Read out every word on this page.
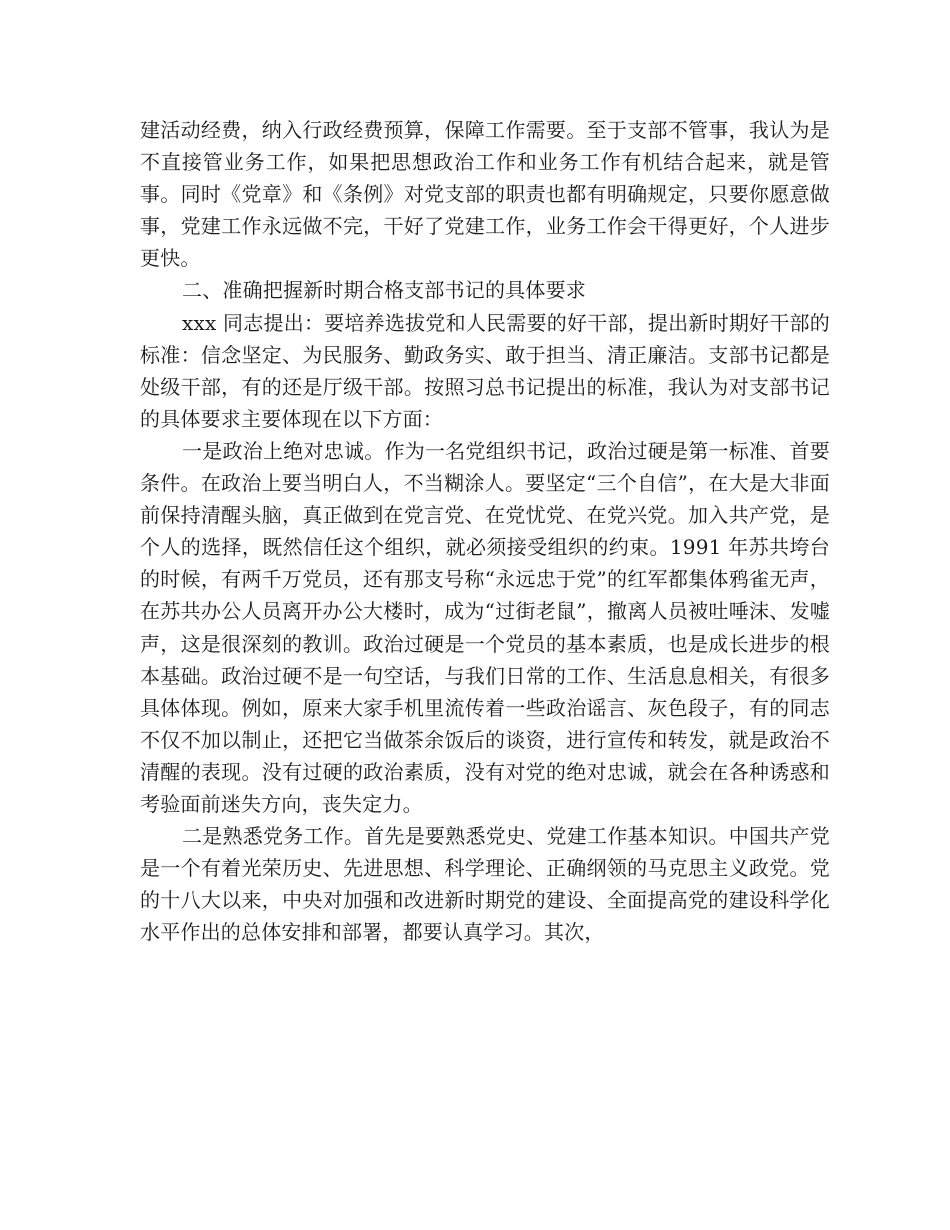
建活动经费，纳入行政经费预算，保障工作需要。至于支部不管事，我认为是不直接管业务工作，如果把思想政治工作和业务工作有机结合起来，就是管事。同时《党章》和《条例》对党支部的职责也都有明确规定，只要你愿意做事，党建工作永远做不完，干好了党建工作，业务工作会干得更好，个人进步更快。

二、准确把握新时期合格支部书记的具体要求

xxx 同志提出：要培养选拔党和人民需要的好干部，提出新时期好干部的标准：信念坚定、为民服务、勤政务实、敢于担当、清正廉洁。支部书记都是处级干部，有的还是厅级干部。按照习总书记提出的标准，我认为对支部书记的具体要求主要体现在以下方面：

一是政治上绝对忠诚。作为一名党组织书记，政治过硬是第一标准、首要条件。在政治上要当明白人，不当糊涂人。要坚定“三个自信”，在大是大非面前保持清醒头脑，真正做到在党言党、在党忧党、在党兴党。加入共产党，是个人的选择，既然信任这个组织，就必须接受组织的约束。1991 年苏共垮台的时候，有两千万党员，还有那支号称“永远忠于党”的红军都集体鸦雀无声，在苏共办公人员离开办公大楼时，成为“过街老鼠”，撤离人员被吐唾沫、发嘘声，这是很深刻的教训。政治过硬是一个党员的基本素质，也是成长进步的根本基础。政治过硬不是一句空话，与我们日常的工作、生活息息相关，有很多具体体现。例如，原来大家手机里流传着一些政治谣言、灰色段子，有的同志不仅不加以制止，还把它当做茶余饭后的谈资，进行宣传和转发，就是政治不清醒的表现。没有过硬的政治素质，没有对党的绝对忠诚，就会在各种诱惑和考验面前迷失方向，丧失定力。

二是熟悉党务工作。首先是要熟悉党史、党建工作基本知识。中国共产党是一个有着光荣历史、先进思想、科学理论、正确纲领的马克思主义政党。党的十八大以来，中央对加强和改进新时期党的建设、全面提高党的建设科学化水平作出的总体安排和部署，都要认真学习。其次，
